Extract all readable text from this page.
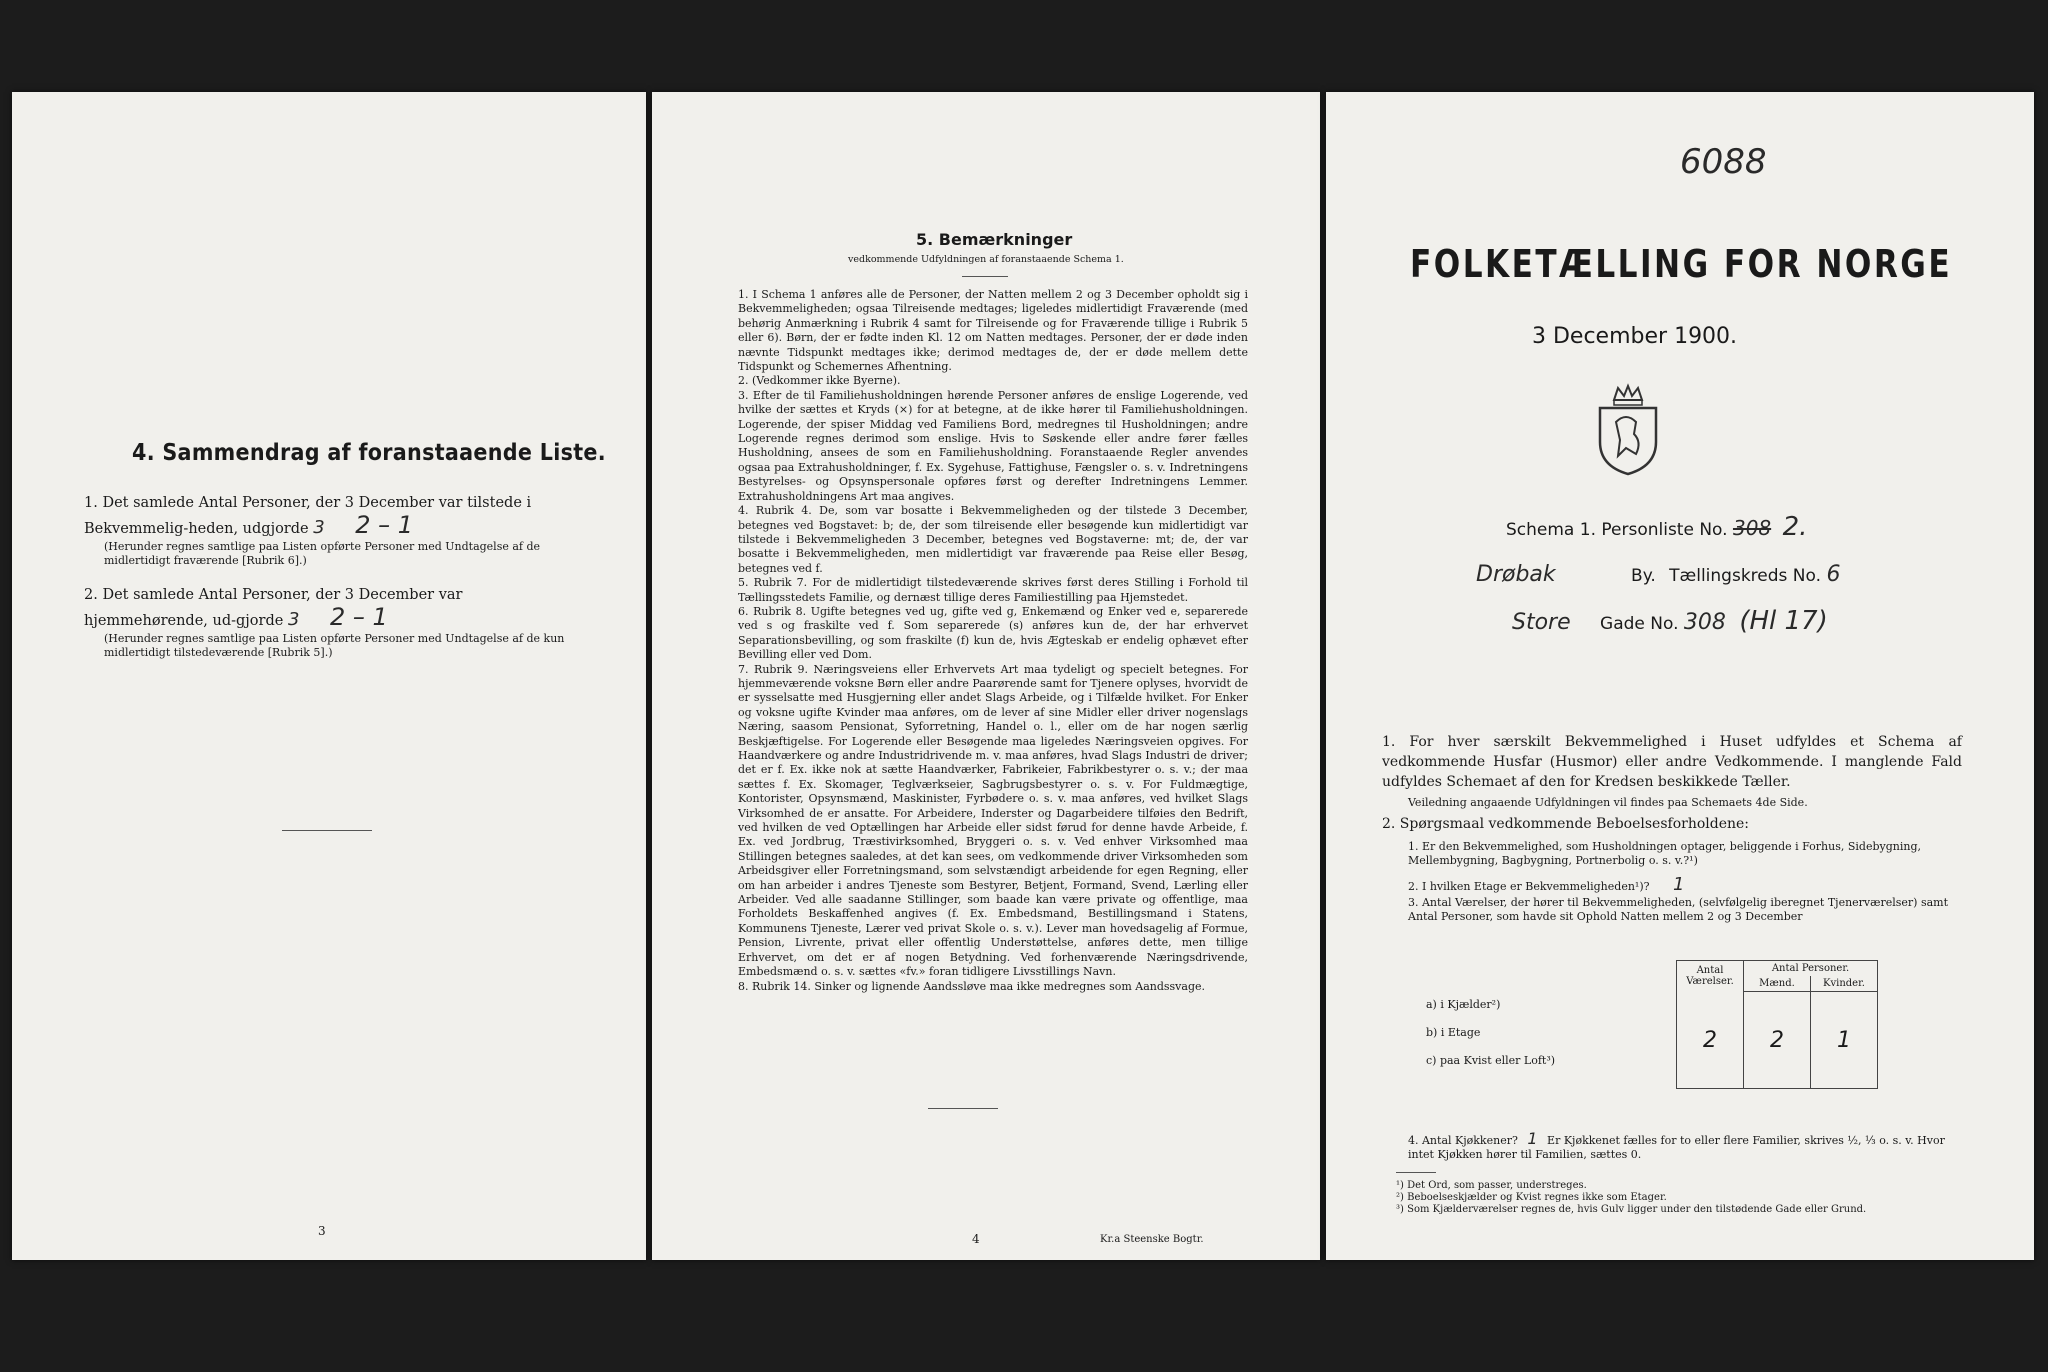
4. Sammendrag af foranstaaende Liste.
1. Det samlede Antal Personer, der 3 December var tilstede i Bekvemmelig-heden, udgjorde 3 2 – 1
(Herunder regnes samtlige paa Listen opførte Personer med Undtagelse af de midlertidigt fraværende [Rubrik 6].)
2. Det samlede Antal Personer, der 3 December var hjemmehørende, ud-gjorde 3 2 – 1
(Herunder regnes samtlige paa Listen opførte Personer med Undtagelse af de kun midlertidigt tilstedeværende [Rubrik 5].)
3
5. Bemærkninger
vedkommende Udfyldningen af foranstaaende Schema 1.
1. I Schema 1 anføres alle de Personer, der Natten mellem 2 og 3 December opholdt sig i Bekvemmeligheden; ogsaa Tilreisende medtages; ligeledes midlertidigt Fraværende (med behørig Anmærkning i Rubrik 4 samt for Tilreisende og for Fraværende tillige i Rubrik 5 eller 6). Børn, der er fødte inden Kl. 12 om Natten medtages. Personer, der er døde inden nævnte Tidspunkt medtages ikke; derimod medtages de, der er døde mellem dette Tidspunkt og Schemernes Afhentning.
2. (Vedkommer ikke Byerne).
3. Efter de til Familiehusholdningen hørende Personer anføres de enslige Logerende, ved hvilke der sættes et Kryds (×) for at betegne, at de ikke hører til Familiehusholdningen. Logerende, der spiser Middag ved Familiens Bord, medregnes til Husholdningen; andre Logerende regnes derimod som enslige. Hvis to Søskende eller andre fører fælles Husholdning, ansees de som en Familiehusholdning. Foranstaaende Regler anvendes ogsaa paa Extrahusholdninger, f. Ex. Sygehuse, Fattighuse, Fængsler o. s. v. Indretningens Bestyrelses- og Opsynspersonale opføres først og derefter Indretningens Lemmer. Extrahusholdningens Art maa angives.
4. Rubrik 4. De, som var bosatte i Bekvemmeligheden og der tilstede 3 December, betegnes ved Bogstavet: b; de, der som tilreisende eller besøgende kun midlertidigt var tilstede i Bekvemmeligheden 3 December, betegnes ved Bogstaverne: mt; de, der var bosatte i Bekvemmeligheden, men midlertidigt var fraværende paa Reise eller Besøg, betegnes ved f.
5. Rubrik 7. For de midlertidigt tilstedeværende skrives først deres Stilling i Forhold til Tællingsstedets Familie, og dernæst tillige deres Familiestilling paa Hjemstedet.
6. Rubrik 8. Ugifte betegnes ved ug, gifte ved g, Enkemænd og Enker ved e, separerede ved s og fraskilte ved f. Som separerede (s) anføres kun de, der har erhvervet Separationsbevilling, og som fraskilte (f) kun de, hvis Ægteskab er endelig ophævet efter Bevilling eller ved Dom.
7. Rubrik 9. Næringsveiens eller Erhvervets Art maa tydeligt og specielt betegnes. For hjemmeværende voksne Børn eller andre Paarørende samt for Tjenere oplyses, hvorvidt de er sysselsatte med Husgjerning eller andet Slags Arbeide, og i Tilfælde hvilket. For Enker og voksne ugifte Kvinder maa anføres, om de lever af sine Midler eller driver nogenslags Næring, saasom Pensionat, Syforretning, Handel o. l., eller om de har nogen særlig Beskjæftigelse. For Logerende eller Besøgende maa ligeledes Næringsveien opgives. For Haandværkere og andre Industridrivende m. v. maa anføres, hvad Slags Industri de driver; det er f. Ex. ikke nok at sætte Haandværker, Fabrikeier, Fabrikbestyrer o. s. v.; der maa sættes f. Ex. Skomager, Teglværkseier, Sagbrugsbestyrer o. s. v. For Fuldmægtige, Kontorister, Opsynsmænd, Maskinister, Fyrbødere o. s. v. maa anføres, ved hvilket Slags Virksomhed de er ansatte. For Arbeidere, Inderster og Dagarbeidere tilføies den Bedrift, ved hvilken de ved Optællingen har Arbeide eller sidst førud for denne havde Arbeide, f. Ex. ved Jordbrug, Træstivirksomhed, Bryggeri o. s. v. Ved enhver Virksomhed maa Stillingen betegnes saaledes, at det kan sees, om vedkommende driver Virksomheden som Arbeidsgiver eller Forretningsmand, som selvstændigt arbeidende for egen Regning, eller om han arbeider i andres Tjeneste som Bestyrer, Betjent, Formand, Svend, Lærling eller Arbeider. Ved alle saadanne Stillinger, som baade kan være private og offentlige, maa Forholdets Beskaffenhed angives (f. Ex. Embedsmand, Bestillingsmand i Statens, Kommunens Tjeneste, Lærer ved privat Skole o. s. v.). Lever man hovedsagelig af Formue, Pension, Livrente, privat eller offentlig Understøttelse, anføres dette, men tillige Erhvervet, om det er af nogen Betydning. Ved forhenværende Næringsdrivende, Embedsmænd o. s. v. sættes «fv.» foran tidligere Livsstillings Navn.
8. Rubrik 14. Sinker og lignende Aandssløve maa ikke medregnes som Aandssvage.
4	Kr.a Steenske Bogtr.
6088
FOLKETÆLLING FOR NORGE
3 December 1900.
Schema 1. Personliste No. 308 2.
Drøbak	By. Tællingskreds No. 6
Store Gade No. 308 (Hl 17)
1. For hver særskilt Bekvemmelighed i Huset udfyldes et Schema af vedkommende Husfar (Husmor) eller andre Vedkommende. I manglende Fald udfyldes Schemaet af den for Kredsen beskikkede Tæller.
Veiledning angaaende Udfyldningen vil findes paa Schemaets 4de Side.
2. Spørgsmaal vedkommende Beboelsesforholdene:
1. Er den Bekvemmelighed, som Husholdningen optager, beliggende i Forhus, Sidebygning, Mellembygning, Bagbygning, Portnerbolig o. s. v.?¹)
2. I hvilken Etage er Bekvemmeligheden¹)? 1
3. Antal Værelser, der hører til Bekvemmeligheden, (selvfølgelig iberegnet Tjenerværelser) samt Antal Personer, som havde sit Ophold Natten mellem 2 og 3 December
a) i Kjælder²)
b) i Etage
c) paa Kvist eller Loft³)
Antal Værelser.	Antal Personer.	
	Mænd.	Kvinder.

2	2	1

4. Antal Kjøkkener? 1 Er Kjøkkenet fælles for to eller flere Familier, skrives ½, ⅓ o. s. v. Hvor intet Kjøkken hører til Familien, sættes 0.
¹) Det Ord, som passer, understreges.
²) Beboelseskjælder og Kvist regnes ikke som Etager.
³) Som Kjælderværelser regnes de, hvis Gulv ligger under den tilstødende Gade eller Grund.
